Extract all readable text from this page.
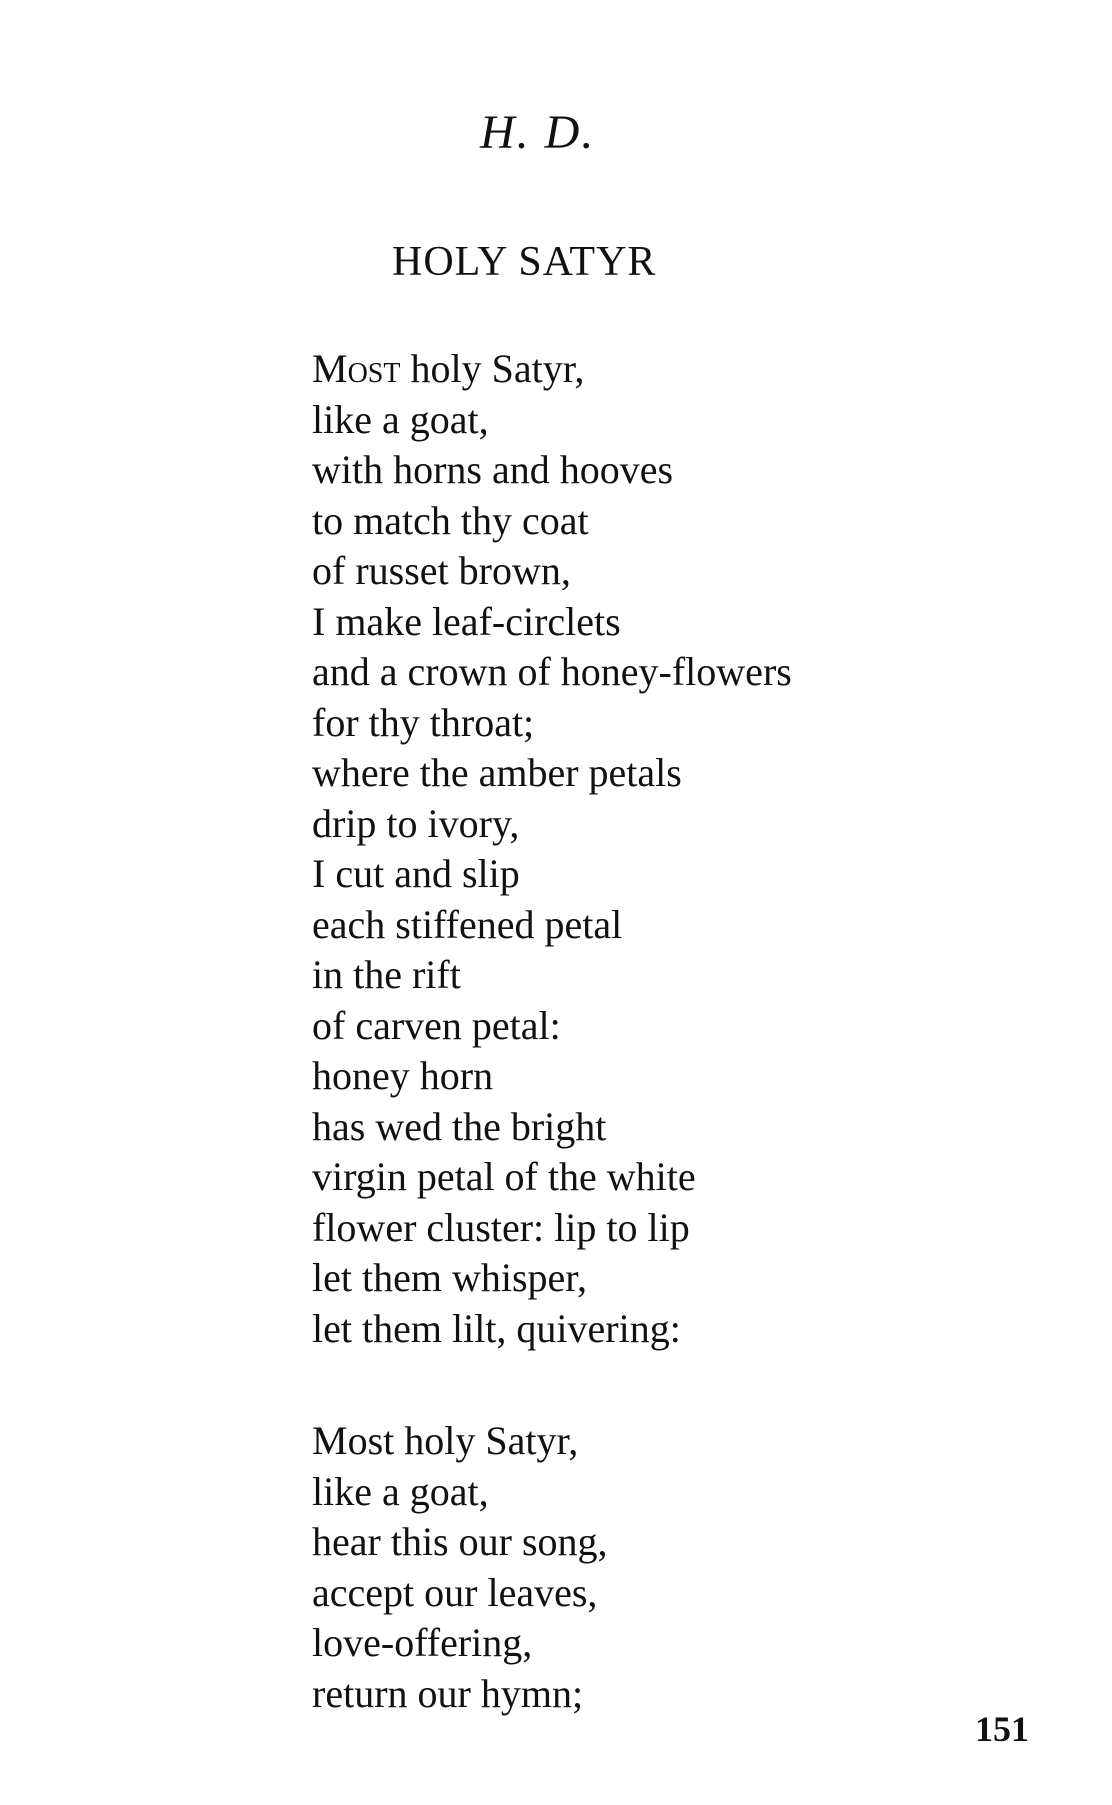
H. D.
HOLY SATYR
Most holy Satyr,
like a goat,
with horns and hooves
to match thy coat
of russet brown,
I make leaf-circlets
and a crown of honey-flowers
for thy throat;
where the amber petals
drip to ivory,
I cut and slip
each stiffened petal
in the rift
of carven petal:
honey horn
has wed the bright
virgin petal of the white
flower cluster: lip to lip
let them whisper,
let them lilt, quivering:
Most holy Satyr,
like a goat,
hear this our song,
accept our leaves,
love-offering,
return our hymn;

151
